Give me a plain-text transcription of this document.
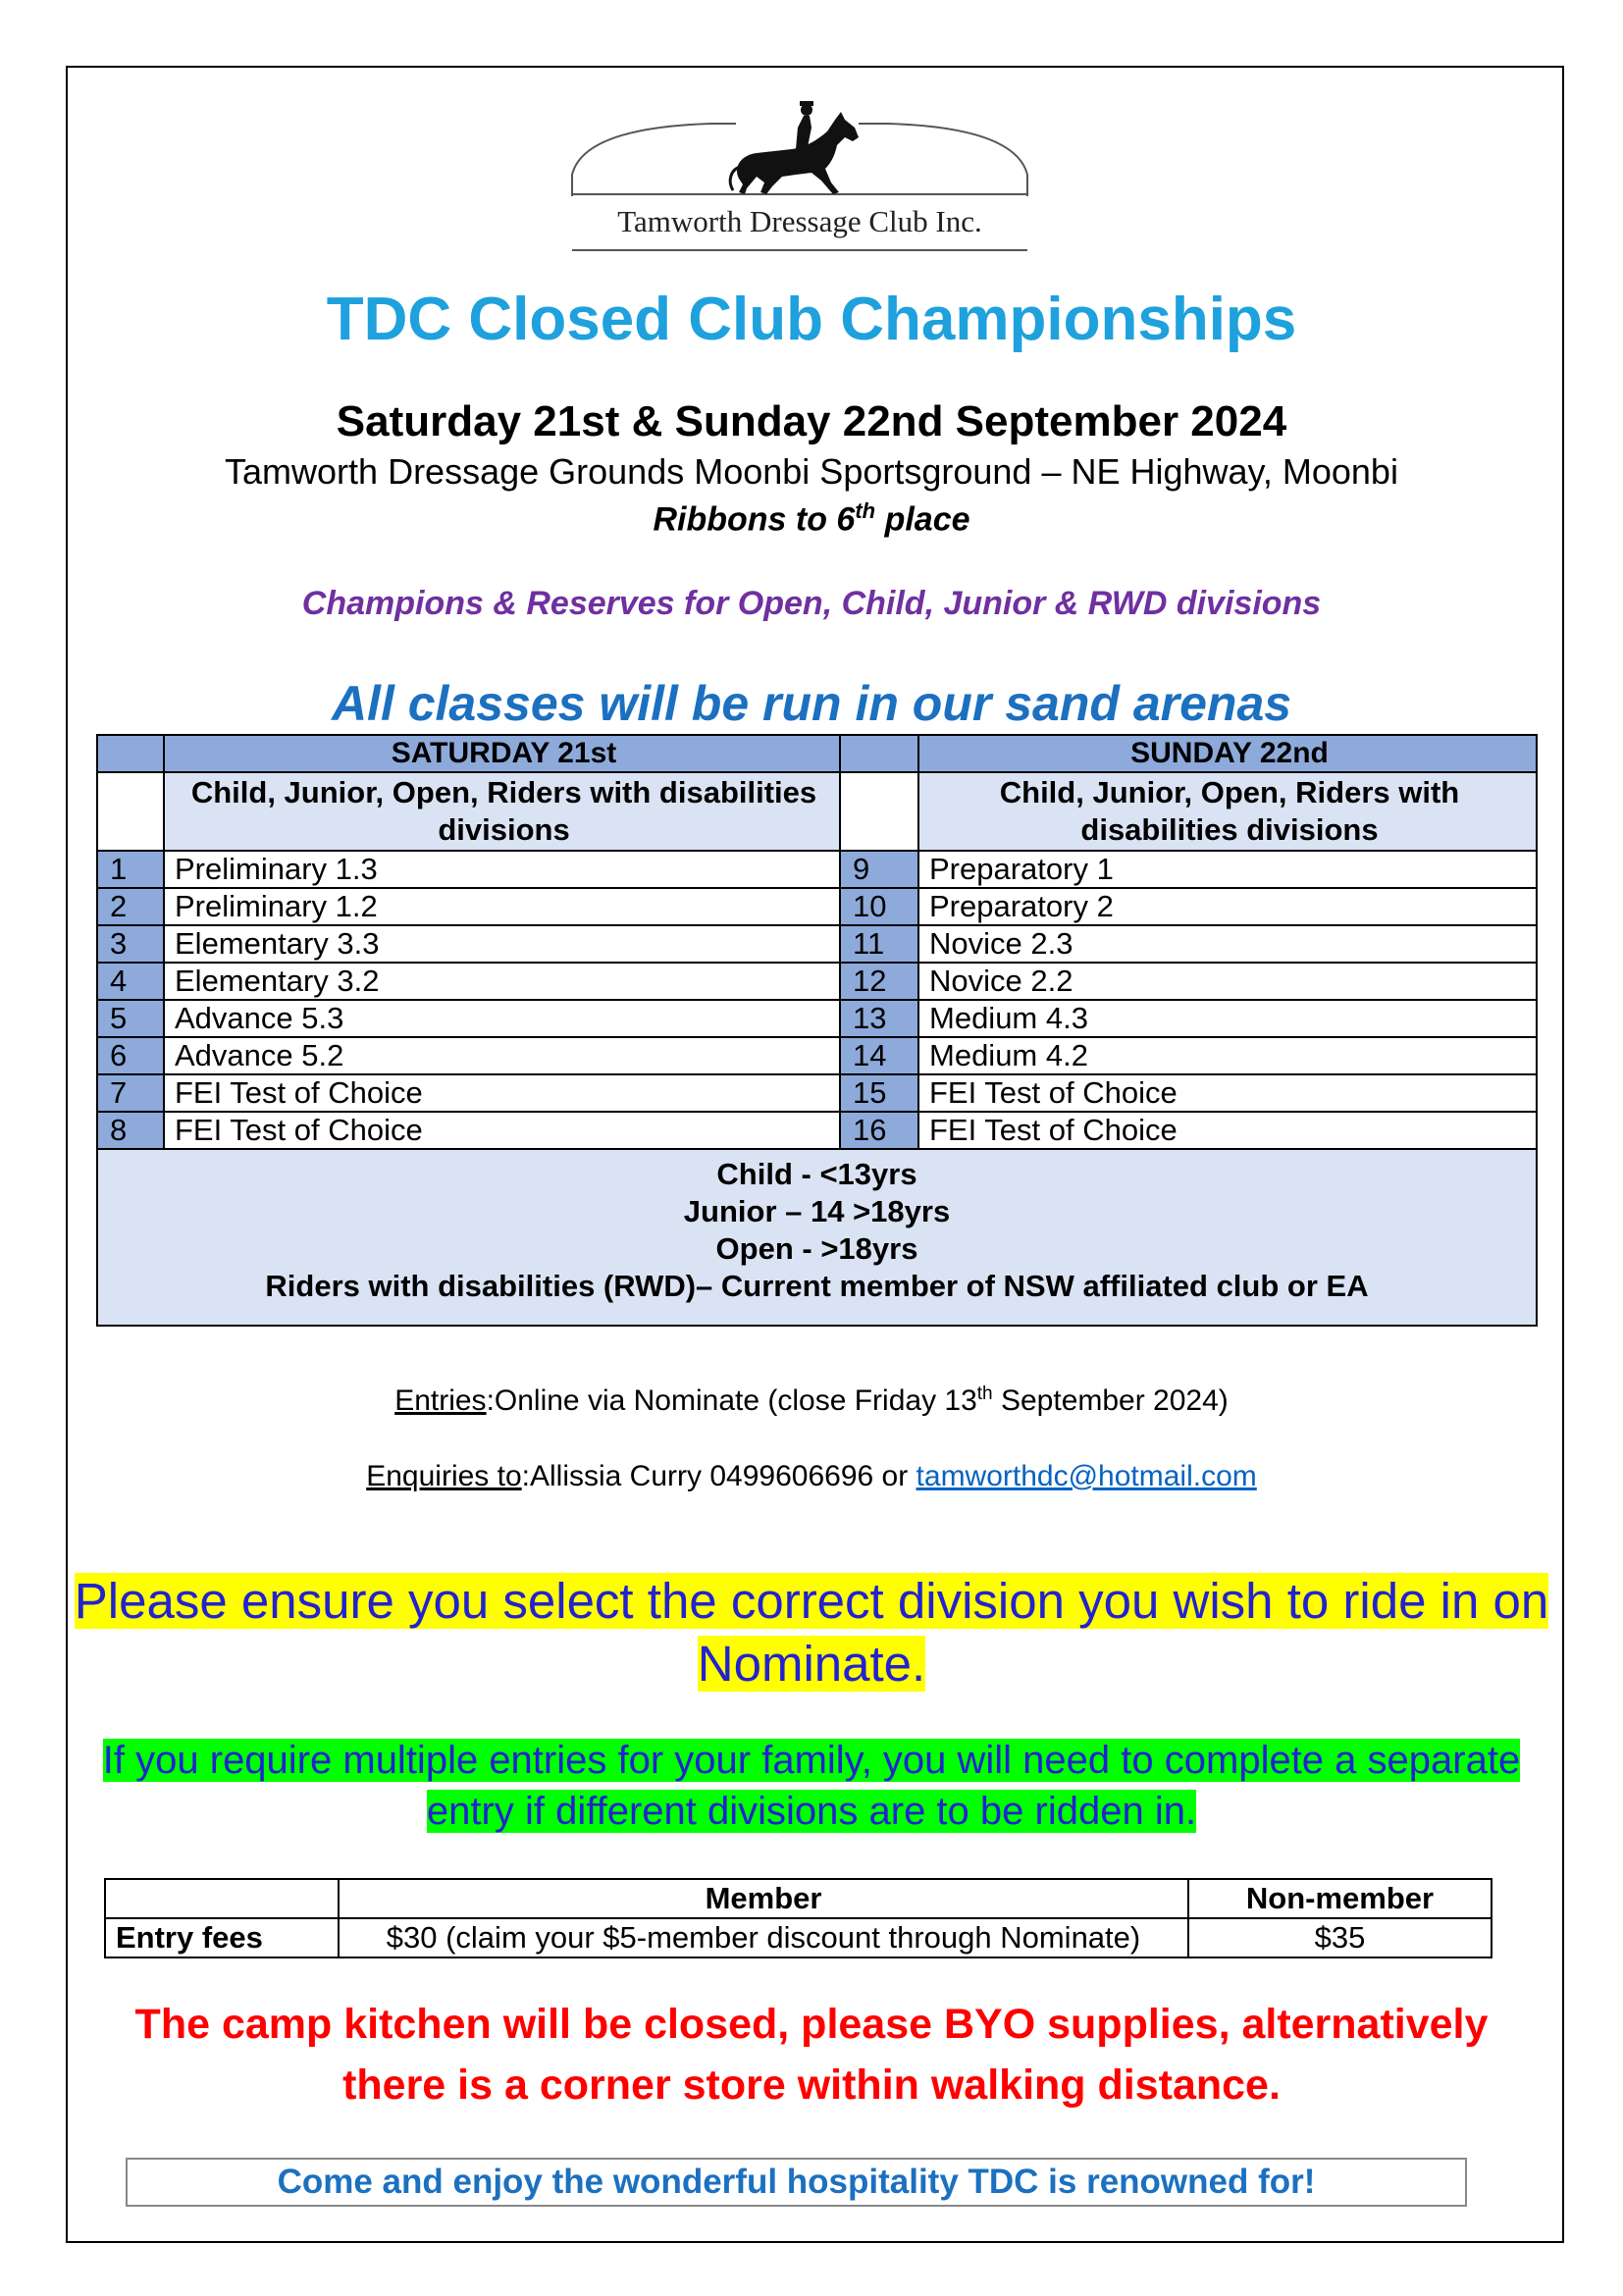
Tamworth Dressage Club Inc.
TDC Closed Club Championships
Saturday 21st & Sunday 22nd September 2024
Tamworth Dressage Grounds Moonbi Sportsground – NE Highway, Moonbi
Ribbons to 6th place
Champions & Reserves for Open, Child, Junior & RWD divisions
All classes will be run in our sand arenas
	SATURDAY 21st		SUNDAY 22nd
	Child, Junior, Open, Riders with disabilities divisions		Child, Junior, Open, Riders with disabilities divisions
1	Preliminary 1.3	9	Preparatory 1
2	Preliminary 1.2	10	Preparatory 2
3	Elementary 3.3	11	Novice 2.3
4	Elementary 3.2	12	Novice 2.2
5	Advance 5.3	13	Medium 4.3
6	Advance 5.2	14	Medium 4.2
7	FEI Test of Choice	15	FEI Test of Choice
8	FEI Test of Choice	16	FEI Test of Choice

Child - <13yrs
Junior – 14 >18yrs
Open - >18yrs
Riders with disabilities (RWD)– Current member of NSW affiliated club or EA			
Entries:Online via Nominate (close Friday 13th September 2024)
Enquiries to:Allissia Curry 0499606696 or tamworthdc@hotmail.com
Please ensure you select the correct division you wish to ride in on Nominate.
If you require multiple entries for your family, you will need to complete a separate entry if different divisions are to be ridden in.
	Member	Non-member
Entry fees	$30 (claim your $5-member discount through Nominate)	$35
The camp kitchen will be closed, please BYO supplies, alternatively
there is a corner store within walking distance.
Come and enjoy the wonderful hospitality TDC is renowned for!
